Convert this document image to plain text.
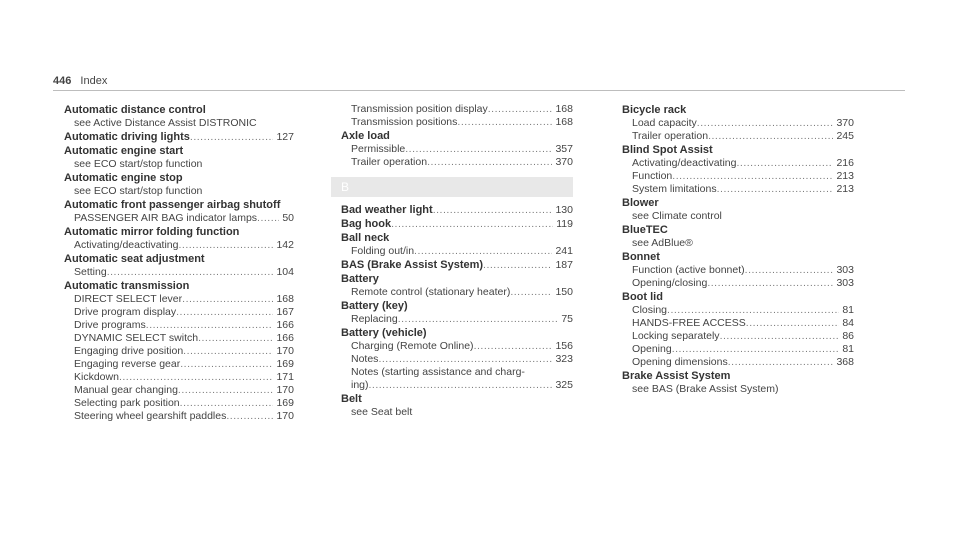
446 Index
Automatic distance control
see Active Distance Assist DISTRONIC
Automatic driving lights .....	127
Automatic engine start
see ECO start/stop function
Automatic engine stop
see ECO start/stop function
Automatic front passenger airbag shutoff
PASSENGER AIR BAG indicator lamps ..... 50
Automatic mirror folding function
Activating/deactivating .....	142
Automatic seat adjustment
Setting .....	104
Automatic transmission
DIRECT SELECT lever .....	168
Drive program display .....	167
Drive programs .....	166
DYNAMIC SELECT switch .....	166
Engaging drive position .....	170
Engaging reverse gear .....	169
Kickdown .....	171
Manual gear changing .....	170
Selecting park position .....	169
Steering wheel gearshift paddles .....	170
Transmission position display .....	168
Transmission positions .....	168
Axle load
Permissible .....	357
Trailer operation .....	370
B
Bad weather light .....	130
Bag hook .....	119
Ball neck
Folding out/in .....	241
BAS (Brake Assist System) .....	187
Battery
Remote control (stationary heater) .....	150
Battery (key)
Replacing .....	75
Battery (vehicle)
Charging (Remote Online) .....	156
Notes .....	323
Notes (starting assistance and charg-
ing) .....	325
Belt
see Seat belt
Bicycle rack
Load capacity .....	370
Trailer operation .....	245
Blind Spot Assist
Activating/deactivating .....	216
Function .....	213
System limitations .....	213
Blower
see Climate control
BlueTEC
see AdBlue®
Bonnet
Function (active bonnet) .....	303
Opening/closing .....	303
Boot lid
Closing .....	81
HANDS-FREE ACCESS .....	84
Locking separately .....	86
Opening .....	81
Opening dimensions .....	368
Brake Assist System
see BAS (Brake Assist System)
